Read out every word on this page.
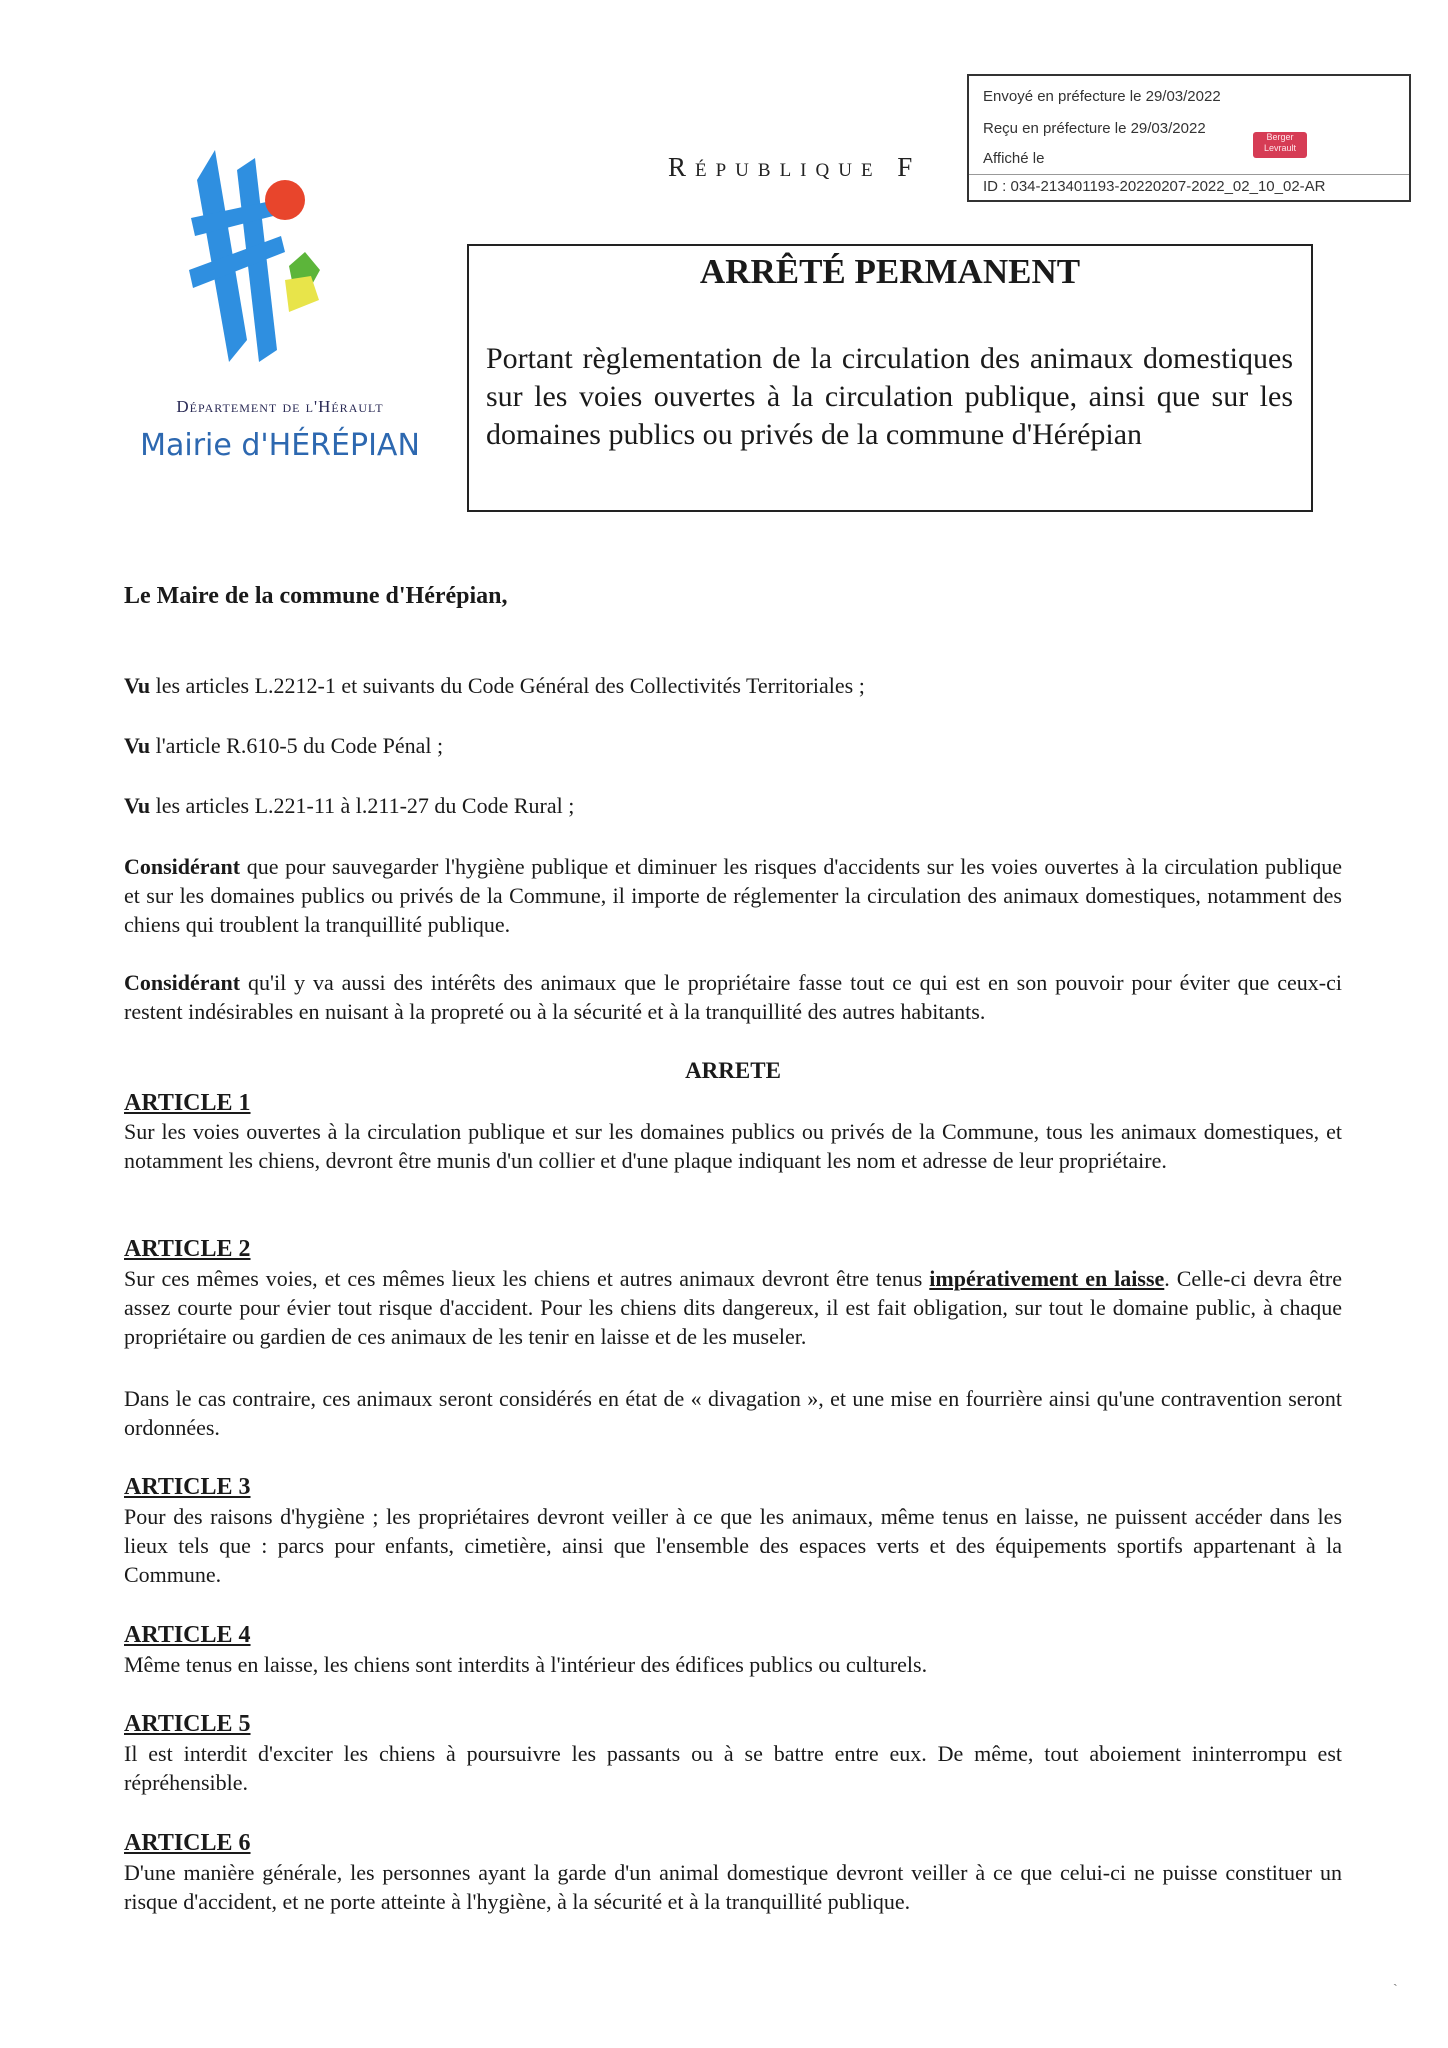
Envoyé en préfecture le 29/03/2022
Reçu en préfecture le 29/03/2022
Affiché le
ID : 034-213401193-20220207-2022_02_10_02-AR
Berger Levrault
République F
Département de l'Hérault
Mairie d'HÉRÉPIAN
ARRÊTÉ PERMANENT
Portant règlementation de la circulation des animaux domestiques sur les voies ouvertes à la circulation publique, ainsi que sur les domaines publics ou privés de la commune d'Hérépian
Le Maire de la commune d'Hérépian,
Vu les articles L.2212-1 et suivants du Code Général des Collectivités Territoriales ;
Vu l'article R.610-5 du Code Pénal ;
Vu les articles L.221-11 à l.211-27 du Code Rural ;
Considérant que pour sauvegarder l'hygiène publique et diminuer les risques d'accidents sur les voies ouvertes à la circulation publique et sur les domaines publics ou privés de la Commune, il importe de réglementer la circulation des animaux domestiques, notamment des chiens qui troublent la tranquillité publique.
Considérant qu'il y va aussi des intérêts des animaux que le propriétaire fasse tout ce qui est en son pouvoir pour éviter que ceux-ci restent indésirables en nuisant à la propreté ou à la sécurité et à la tranquillité des autres habitants.
ARRETE
ARTICLE 1
Sur les voies ouvertes à la circulation publique et sur les domaines publics ou privés de la Commune, tous les animaux domestiques, et notamment les chiens, devront être munis d'un collier et d'une plaque indiquant les nom et adresse de leur propriétaire.
ARTICLE 2
Sur ces mêmes voies, et ces mêmes lieux les chiens et autres animaux devront être tenus impérativement en laisse. Celle-ci devra être assez courte pour évier tout risque d'accident. Pour les chiens dits dangereux, il est fait obligation, sur tout le domaine public, à chaque propriétaire ou gardien de ces animaux de les tenir en laisse et de les museler.
Dans le cas contraire, ces animaux seront considérés en état de « divagation », et une mise en fourrière ainsi qu'une contravention seront ordonnées.
ARTICLE 3
Pour des raisons d'hygiène ; les propriétaires devront veiller à ce que les animaux, même tenus en laisse, ne puissent accéder dans les lieux tels que : parcs pour enfants, cimetière, ainsi que l'ensemble des espaces verts et des équipements sportifs appartenant à la Commune.
ARTICLE 4
Même tenus en laisse, les chiens sont interdits à l'intérieur des édifices publics ou culturels.
ARTICLE 5
Il est interdit d'exciter les chiens à poursuivre les passants ou à se battre entre eux. De même, tout aboiement ininterrompu est répréhensible.
ARTICLE 6
D'une manière générale, les personnes ayant la garde d'un animal domestique devront veiller à ce que celui-ci ne puisse constituer un risque d'accident, et ne porte atteinte à l'hygiène, à la sécurité et à la tranquillité publique.
ˏ
